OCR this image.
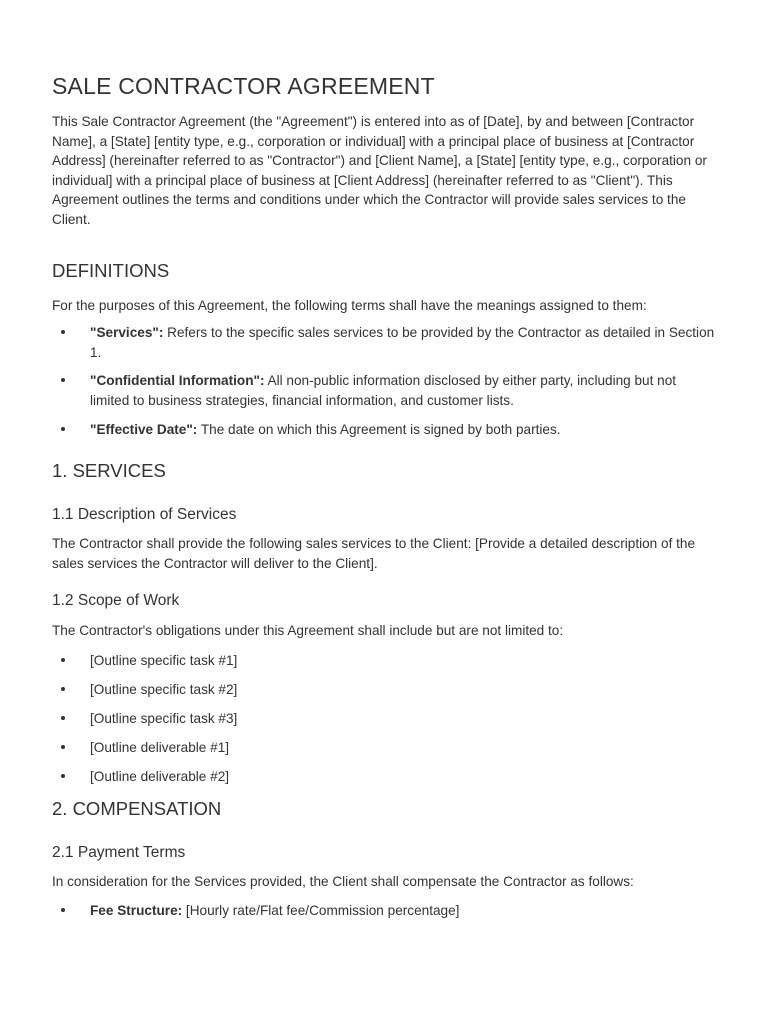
SALE CONTRACTOR AGREEMENT

This Sale Contractor Agreement (the "Agreement") is entered into as of [Date], by and between [Contractor Name], a [State] [entity type, e.g., corporation or individual] with a principal place of business at [Contractor Address] (hereinafter referred to as "Contractor") and [Client Name], a [State] [entity type, e.g., corporation or individual] with a principal place of business at [Client Address] (hereinafter referred to as "Client"). This Agreement outlines the terms and conditions under which the Contractor will provide sales services to the Client.

DEFINITIONS

For the purposes of this Agreement, the following terms shall have the meanings assigned to them:

"Services": Refers to the specific sales services to be provided by the Contractor as detailed in Section 1.
"Confidential Information": All non-public information disclosed by either party, including but not limited to business strategies, financial information, and customer lists.
"Effective Date": The date on which this Agreement is signed by both parties.
1. SERVICES
1.1 Description of Services

The Contractor shall provide the following sales services to the Client: [Provide a detailed description of the sales services the Contractor will deliver to the Client].

1.2 Scope of Work

The Contractor's obligations under this Agreement shall include but are not limited to:

[Outline specific task #1]
[Outline specific task #2]
[Outline specific task #3]
[Outline deliverable #1]
[Outline deliverable #2]
2. COMPENSATION
2.1 Payment Terms

In consideration for the Services provided, the Client shall compensate the Contractor as follows:

Fee Structure: [Hourly rate/Flat fee/Commission percentage]
